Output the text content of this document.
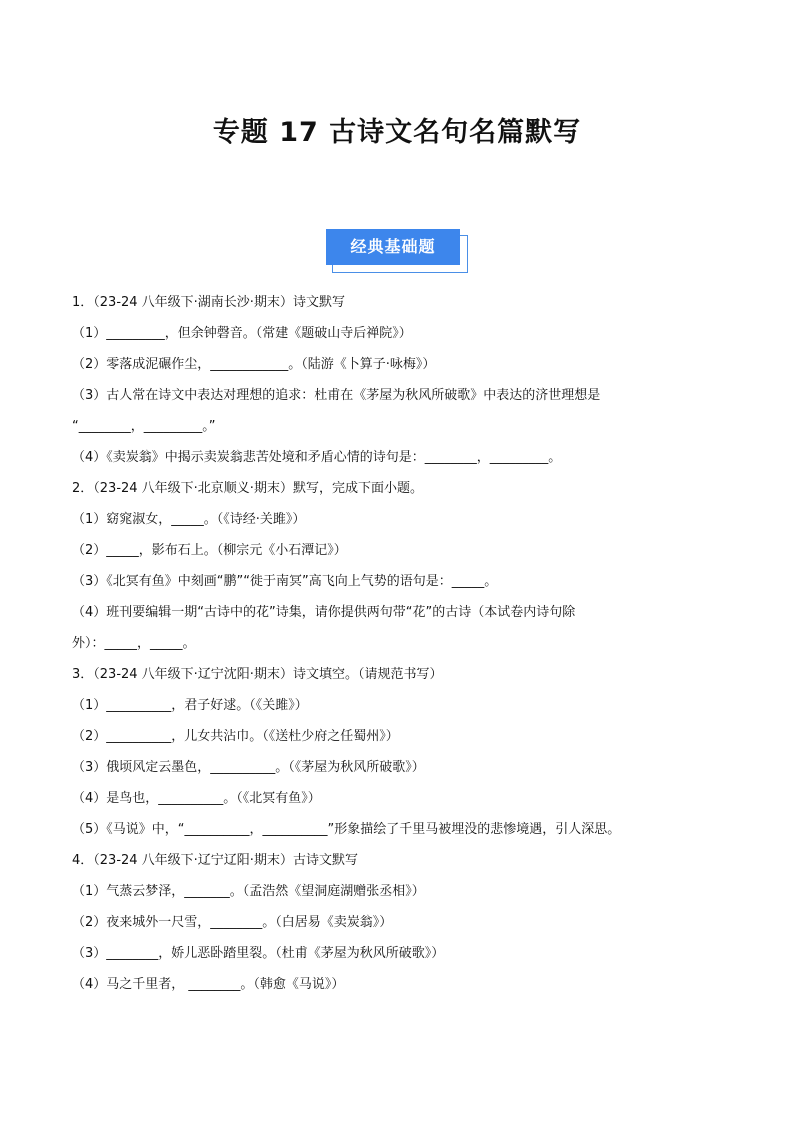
专题 17 古诗文名句名篇默写
经典基础题
1．（23-24 八年级下·湖南长沙·期末）诗文默写
（1）_________，但余钟磬音。（常建《题破山寺后禅院》）
（2）零落成泥碾作尘，____________。（陆游《卜算子·咏梅》）
（3）古人常在诗文中表达对理想的追求：杜甫在《茅屋为秋风所破歌》中表达的济世理想是
“________，_________。”
（4）《卖炭翁》中揭示卖炭翁悲苦处境和矛盾心情的诗句是：________，_________。
2．（23-24 八年级下·北京顺义·期末）默写，完成下面小题。
（1）窈窕淑女，_____。（《诗经·关雎》）
（2）_____，影布石上。（柳宗元《小石潭记》）
（3）《北冥有鱼》中刻画“鹏”“徙于南冥”高飞向上气势的语句是：_____。
（4）班刊要编辑一期“古诗中的花”诗集，请你提供两句带“花”的古诗（本试卷内诗句除
外）：_____，_____。
3．（23-24 八年级下·辽宁沈阳·期末）诗文填空。（请规范书写）
（1）__________，君子好逑。（《关雎》）
（2）__________，儿女共沾巾。（《送杜少府之任蜀州》）
（3）俄顷风定云墨色，__________。（《茅屋为秋风所破歌》）
（4）是鸟也，__________。（《北冥有鱼》）
（5）《马说》中，“__________，__________”形象描绘了千里马被埋没的悲惨境遇，引人深思。
4．（23-24 八年级下·辽宁辽阳·期末）古诗文默写
（1）气蒸云梦泽，_______。（孟浩然《望洞庭湖赠张丞相》）
（2）夜来城外一尺雪，________。（白居易《卖炭翁》）
（3）________，娇儿恶卧踏里裂。（杜甫《茅屋为秋风所破歌》）
（4）马之千里者， ________。（韩愈《马说》）
